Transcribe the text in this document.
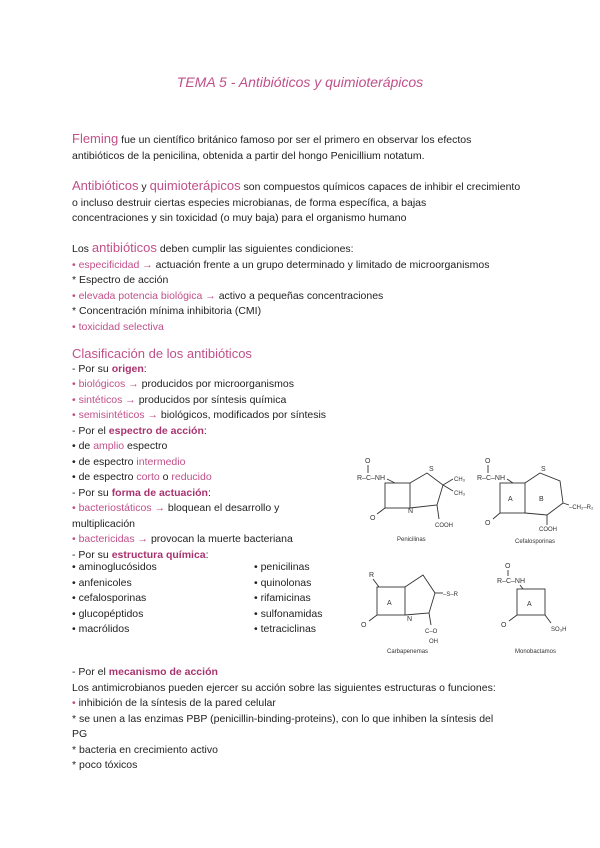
TEMA 5 - Antibióticos y quimioterápicos
Fleming fue un científico británico famoso por ser el primero en observar los efectos
antibióticos de la penicilina, obtenida a partir del hongo Penicillium notatum.
Antibióticos y quimioterápicos son compuestos químicos capaces de inhibir el crecimiento
o incluso destruir ciertas especies microbianas, de forma específica, a bajas
concentraciones y sin toxicidad (o muy baja) para el organismo humano
Los antibióticos deben cumplir las siguientes condiciones:
• especificidad → actuación frente a un grupo determinado y limitado de microorganismos
* Espectro de acción
• elevada potencia biológica → activo a pequeñas concentraciones
* Concentración mínima inhibitoria (CMI)
• toxicidad selectiva
Clasificación de los antibióticos
- Por su origen:
• biológicos → producidos por microorganismos
• sintéticos → producidos por síntesis química
• semisintéticos → biológicos, modificados por síntesis
- Por el espectro de acción:
• de amplio espectro
• de espectro intermedio
• de espectro corto o reducido
- Por su forma de actuación:
• bacteriostáticos → bloquean el desarrollo y
multiplicación
• bactericidas → provocan la muerte bacteriana
- Por su estructura química:
• aminoglucósidos
• anfenicoles
• cefalosporinas
• glucopéptidos
• macrólidos
• penicilinas
• quinolonas
• rifamicinas
• sulfonamidas
• tetraciclinas
O
R–C–NH
O
S
N
CH₃
CH₃
COOH
Penicilinas
O
R–C–NH
A
O
S
B
–CH₂–R₂
COOH
Cefalosporinas
R
A
O
N
–S–R
C–O
OH
Carbapenemas
O
R–C–NH
A
O
SO₃H
Monobactamos
- Por el mecanismo de acción
Los antimicrobianos pueden ejercer su acción sobre las siguientes estructuras o funciones:
• inhibición de la síntesis de la pared celular
* se unen a las enzimas PBP (penicillin-binding-proteins), con lo que inhiben la síntesis del
PG
* bacteria en crecimiento activo
* poco tóxicos
